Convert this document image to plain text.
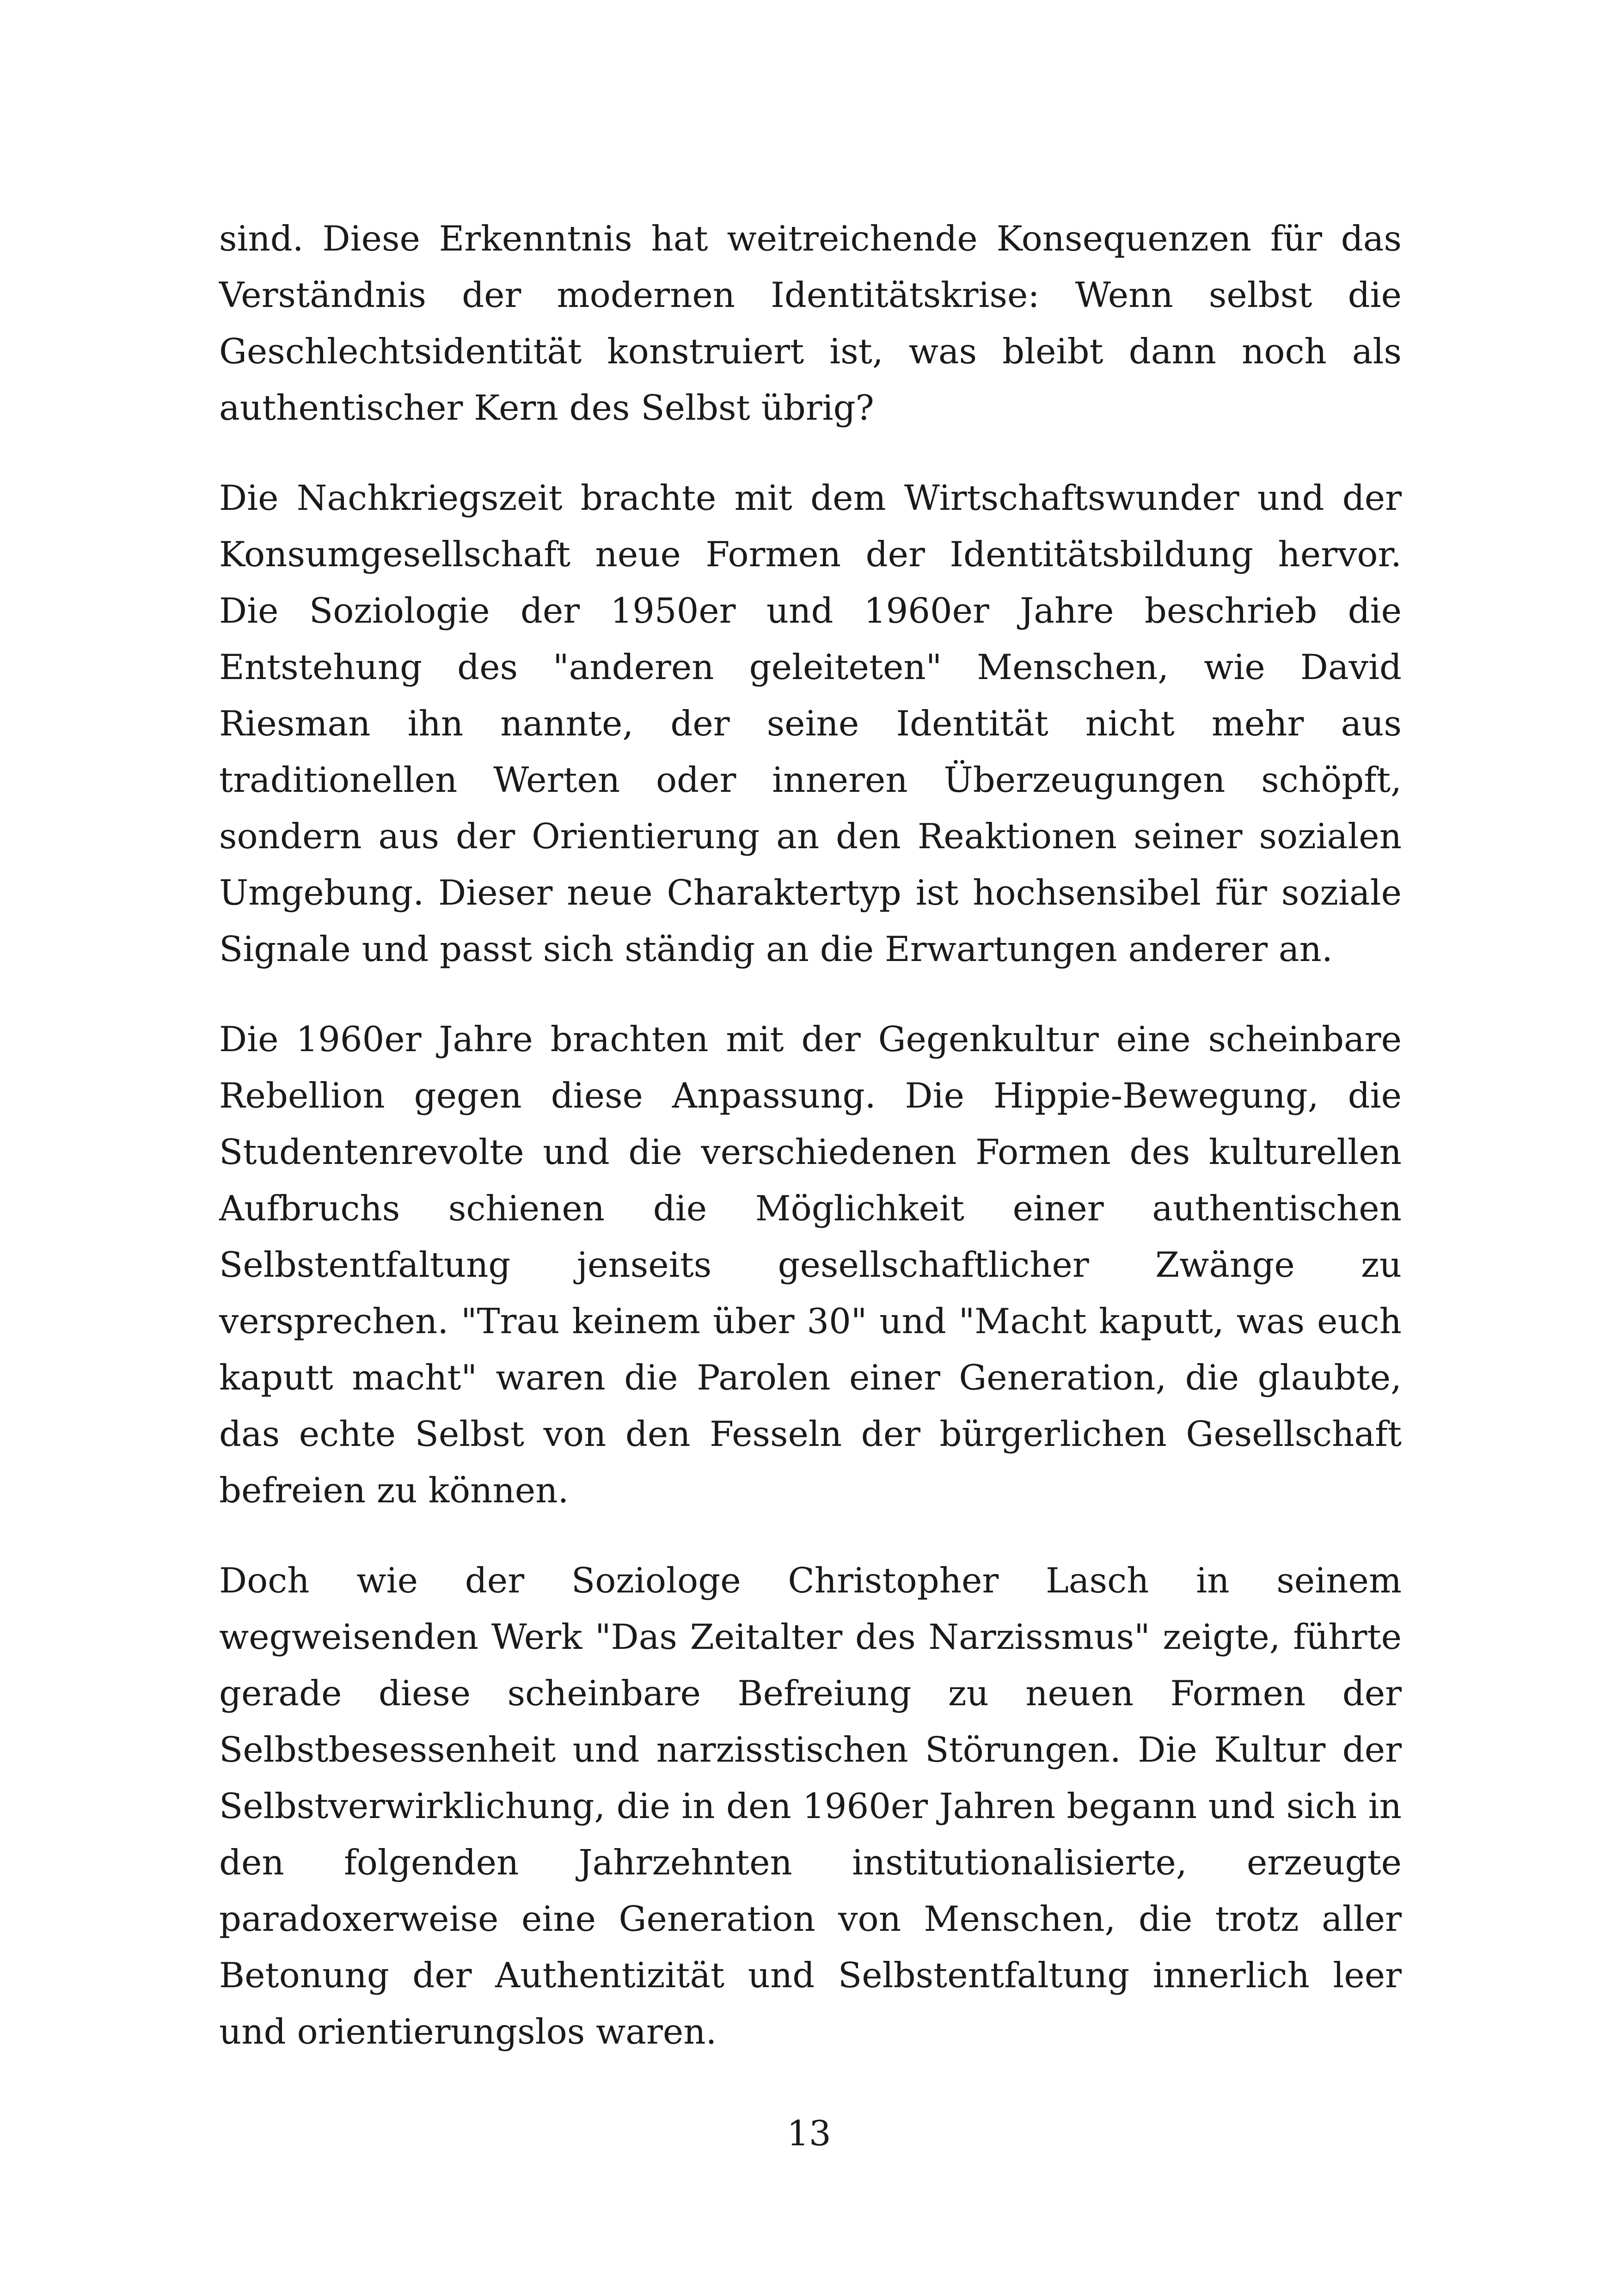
sind. Diese Erkenntnis hat weitreichende Konsequenzen für das Verständnis der modernen Identitätskrise: Wenn selbst die Geschlechtsidentität konstruiert ist, was bleibt dann noch als authentischer Kern des Selbst übrig?

Die Nachkriegszeit brachte mit dem Wirtschaftswunder und der Konsumgesellschaft neue Formen der Identitätsbildung hervor. Die Soziologie der 1950er und 1960er Jahre beschrieb die Entstehung des "anderen geleiteten" Menschen, wie David Riesman ihn nannte, der seine Identität nicht mehr aus traditionellen Werten oder inneren Überzeugungen schöpft, sondern aus der Orientierung an den Reaktionen seiner sozialen Umgebung. Dieser neue Charaktertyp ist hochsensibel für soziale Signale und passt sich ständig an die Erwartungen anderer an.

Die 1960er Jahre brachten mit der Gegenkultur eine scheinbare Rebellion gegen diese Anpassung. Die Hippie-Bewegung, die Studentenrevolte und die verschiedenen Formen des kulturellen Aufbruchs schienen die Möglichkeit einer authentischen Selbstentfaltung jenseits gesellschaftlicher Zwänge zu versprechen. "Trau keinem über 30" und "Macht kaputt, was euch kaputt macht" waren die Parolen einer Generation, die glaubte, das echte Selbst von den Fesseln der bürgerlichen Gesellschaft befreien zu können.

Doch wie der Soziologe Christopher Lasch in seinem wegweisenden Werk "Das Zeitalter des Narzissmus" zeigte, führte gerade diese scheinbare Befreiung zu neuen Formen der Selbstbesessenheit und narzisstischen Störungen. Die Kultur der Selbstverwirklichung, die in den 1960er Jahren begann und sich in den folgenden Jahrzehnten institutionalisierte, erzeugte paradoxerweise eine Generation von Menschen, die trotz aller Betonung der Authentizität und Selbstentfaltung innerlich leer und orientierungslos waren.

13
